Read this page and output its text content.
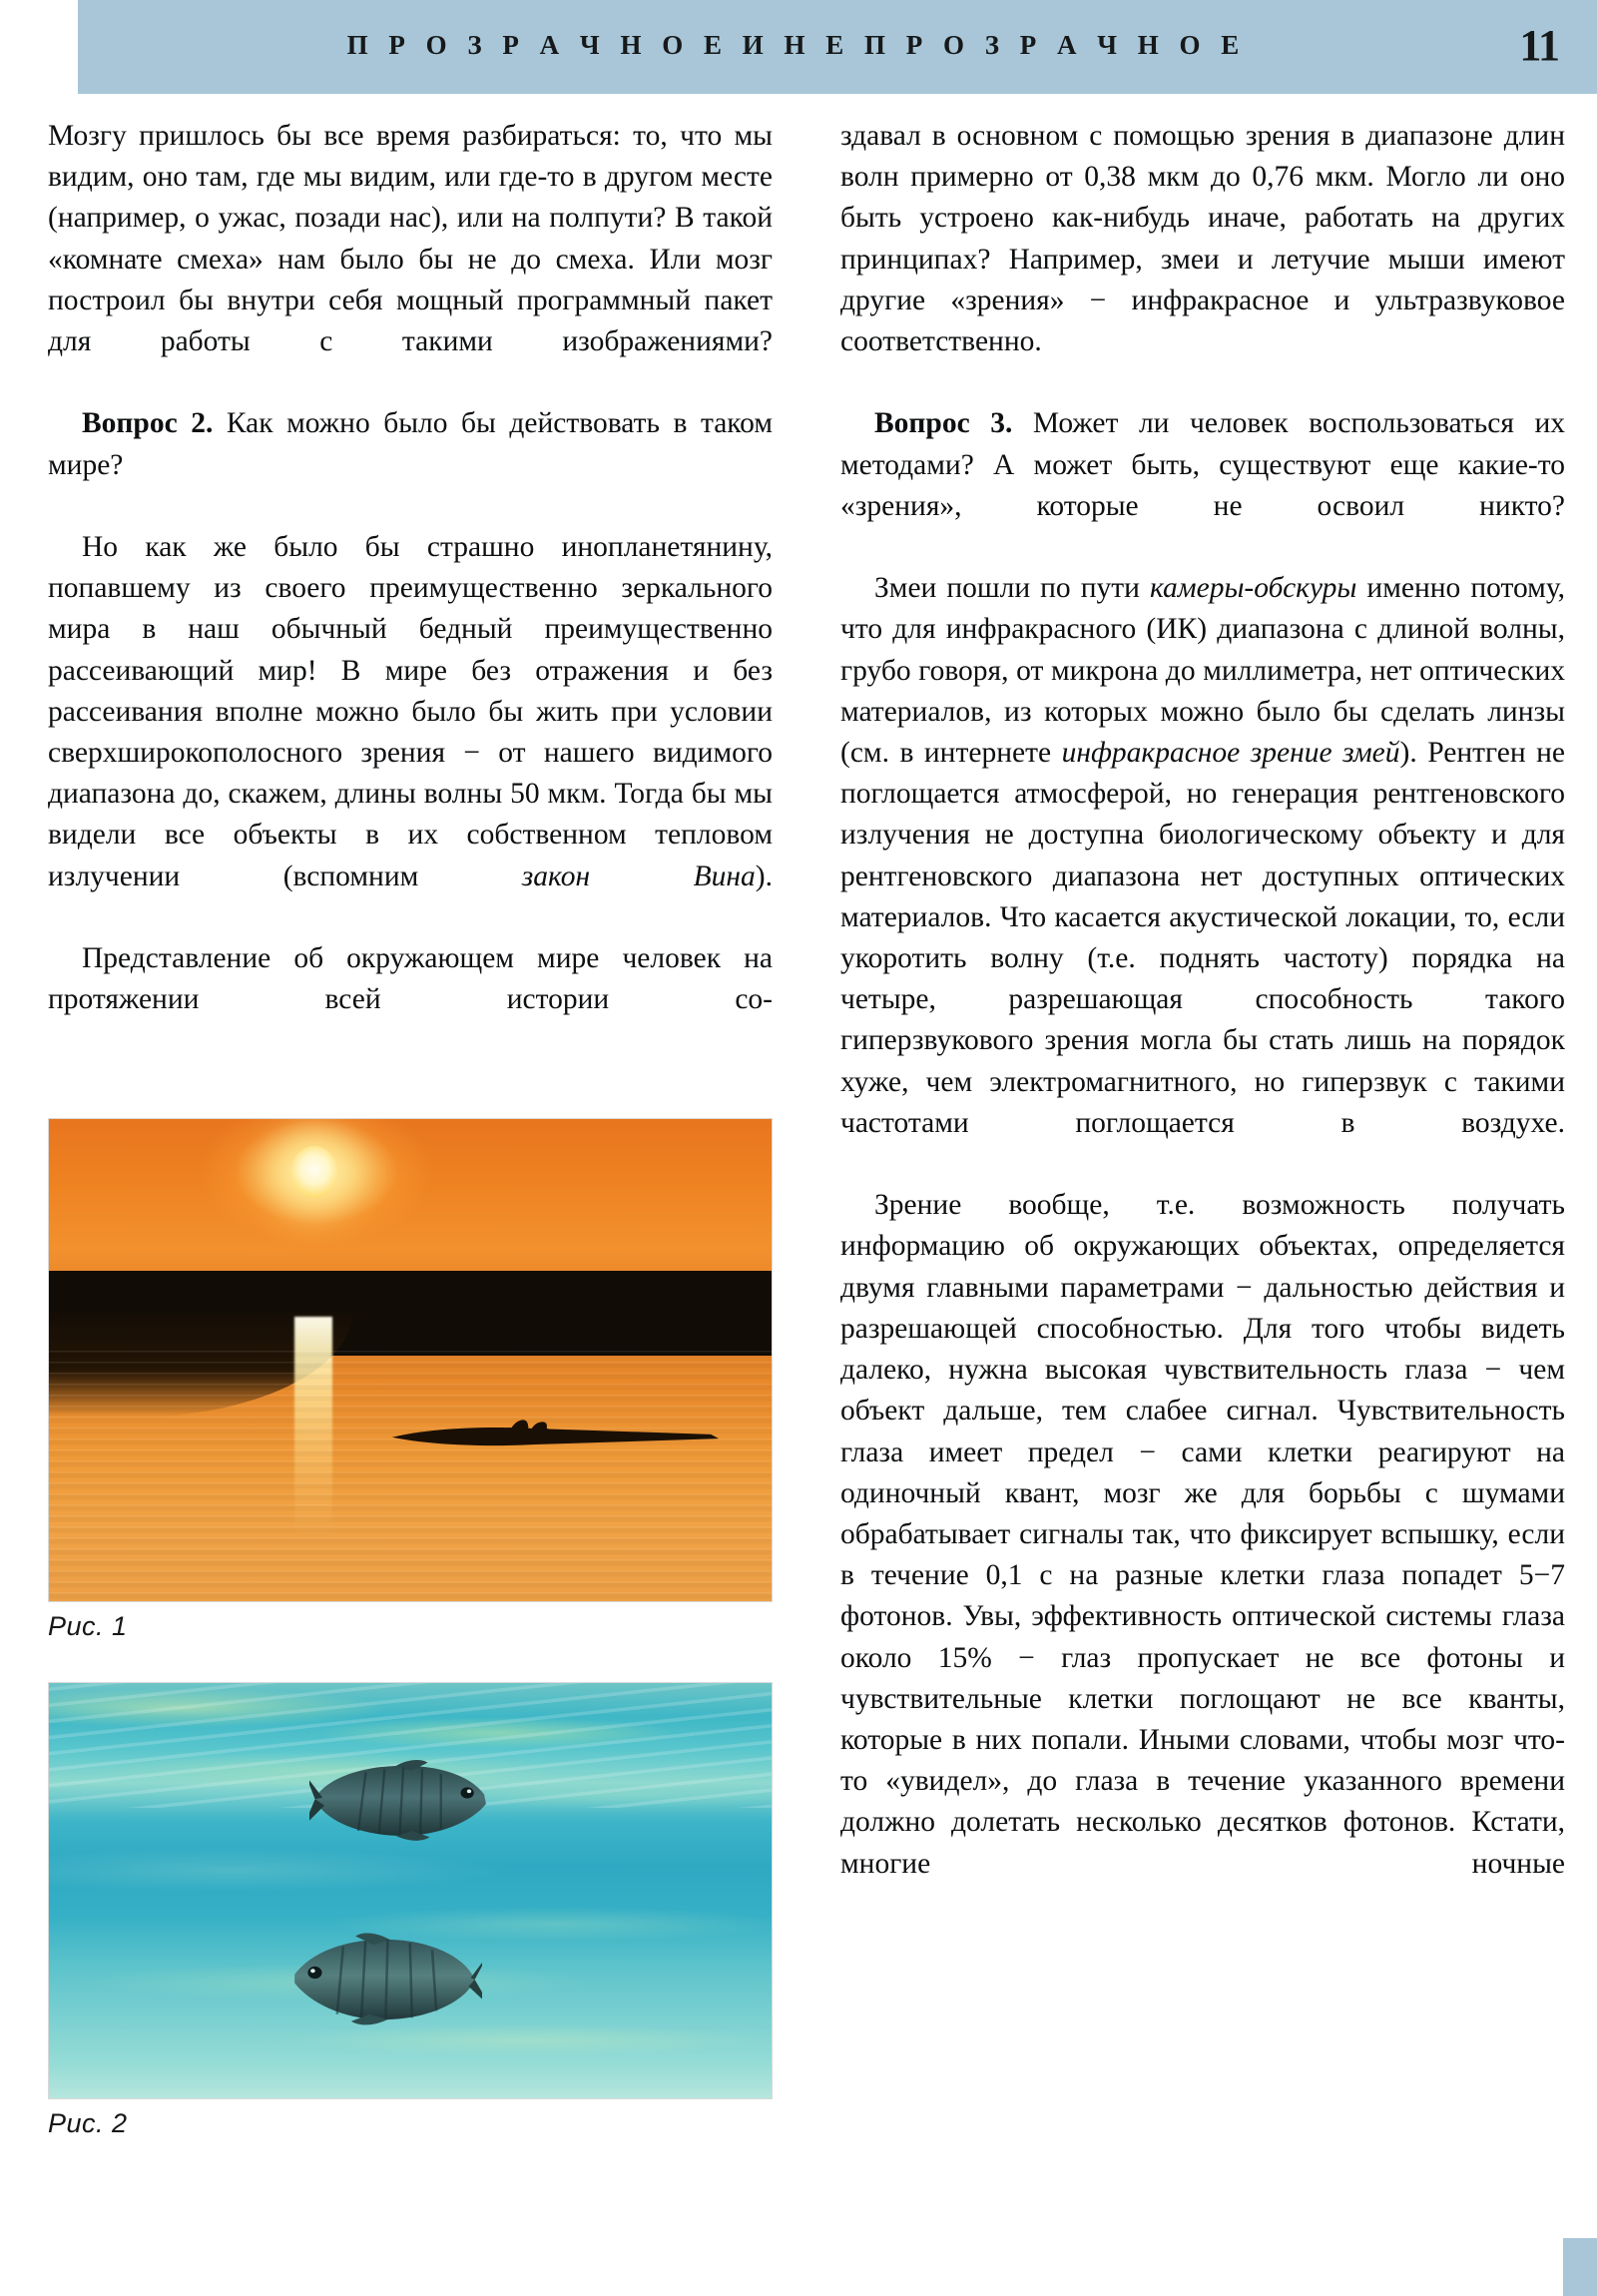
П Р О З Р А Ч Н О Е И Н Е П Р О З Р А Ч Н О Е	11

Мозгу пришлось бы все время разбираться: то, что мы видим, оно там, где мы видим, или где-то в другом месте (например, о ужас, позади нас), или на полпути? В такой «комнате смеха» нам было бы не до смеха. Или мозг построил бы внутри себя мощный программный пакет для работы с такими изображениями?

Вопрос 2. Как можно было бы действовать в таком мире?

Но как же было бы страшно инопланетянину, попавшему из своего преимущественно зеркального мира в наш обычный бедный преимущественно рассеивающий мир! В мире без отражения и без рассеивания вполне можно было бы жить при условии сверхширокополосного зрения − от нашего видимого диапазона до, скажем, длины волны 50 мкм. Тогда бы мы видели все объекты в их собственном тепловом излучении (вспомним закон Вина).

Представление об окружающем мире человек на протяжении всей истории со-

Рис. 1
Рис. 2

здавал в основном с помощью зрения в диапазоне длин волн примерно от 0,38 мкм до 0,76 мкм. Могло ли оно быть устроено как-нибудь иначе, работать на других принципах? Например, змеи и летучие мыши имеют другие «зрения» − инфракрасное и ультразвуковое соответственно.

Вопрос 3. Может ли человек воспользоваться их методами? А может быть, существуют еще какие-то «зрения», которые не освоил никто?

Змеи пошли по пути камеры-обскуры именно потому, что для инфракрасного (ИК) диапазона с длиной волны, грубо говоря, от микрона до миллиметра, нет оптических материалов, из которых можно было бы сделать линзы (см. в интернете инфракрасное зрение змей). Рентген не поглощается атмосферой, но генерация рентгеновского излучения не доступна биологическому объекту и для рентгеновского диапазона нет доступных оптических материалов. Что касается акустической локации, то, если укоротить волну (т.е. поднять частоту) порядка на четыре, разрешающая способность такого гиперзвукового зрения могла бы стать лишь на порядок хуже, чем электромагнитного, но гиперзвук с такими частотами поглощается в воздухе.

Зрение вообще, т.е. возможность получать информацию об окружающих объектах, определяется двумя главными параметрами − дальностью действия и разрешающей способностью. Для того чтобы видеть далеко, нужна высокая чувствительность глаза − чем объект дальше, тем слабее сигнал. Чувствительность глаза имеет предел − сами клетки реагируют на одиночный квант, мозг же для борьбы с шумами обрабатывает сигналы так, что фиксирует вспышку, если в течение 0,1 с на разные клетки глаза попадет 5−7 фотонов. Увы, эффективность оптической системы глаза около 15% − глаз пропускает не все фотоны и чувствительные клетки поглощают не все кванты, которые в них попали. Иными словами, чтобы мозг что-то «увидел», до глаза в течение указанного времени должно долетать несколько десятков фотонов. Кстати, многие ночные
